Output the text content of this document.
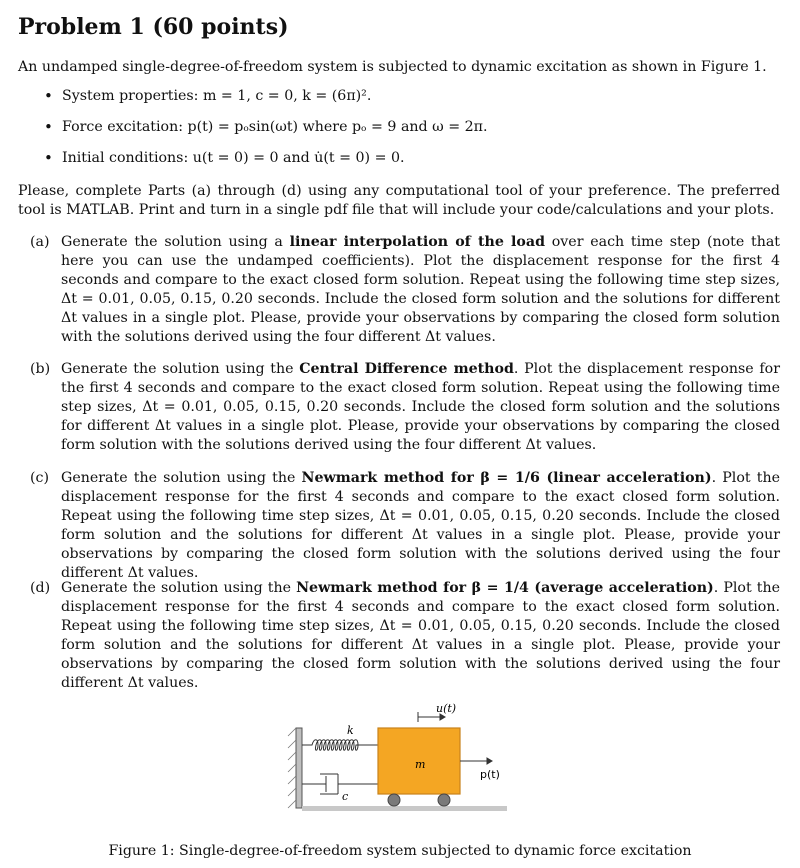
Problem 1 (60 points)

An undamped single-degree-of-freedom system is subjected to dynamic excitation as shown in Figure 1.

• System properties: m = 1, c = 0, k = (6π)².
• Force excitation: p(t) = pₒsin(ωt) where pₒ = 9 and ω = 2π.
• Initial conditions: u(t = 0) = 0 and u̇(t = 0) = 0.

Please, complete Parts (a) through (d) using any computational tool of your preference. The preferred tool is MATLAB. Print and turn in a single pdf file that will include your code/calculations and your plots.

(a) Generate the solution using a linear interpolation of the load over each time step (note that here you can use the undamped coefficients). Plot the displacement response for the first 4 seconds and compare to the exact closed form solution. Repeat using the following time step sizes, Δt = 0.01, 0.05, 0.15, 0.20 seconds. Include the closed form solution and the solutions for different Δt values in a single plot. Please, provide your observations by comparing the closed form solution with the solutions derived using the four different Δt values.
(b) Generate the solution using the Central Difference method. Plot the displacement response for the first 4 seconds and compare to the exact closed form solution. Repeat using the following time step sizes, Δt = 0.01, 0.05, 0.15, 0.20 seconds. Include the closed form solution and the solutions for different Δt values in a single plot. Please, provide your observations by comparing the closed form solution with the solutions derived using the four different Δt values.
(c) Generate the solution using the Newmark method for β = 1/6 (linear acceleration). Plot the displacement response for the first 4 seconds and compare to the exact closed form solution. Repeat using the following time step sizes, Δt = 0.01, 0.05, 0.15, 0.20 seconds. Include the closed form solution and the solutions for different Δt values in a single plot. Please, provide your observations by comparing the closed form solution with the solutions derived using the four different Δt values.
(d) Generate the solution using the Newmark method for β = 1/4 (average acceleration). Plot the displacement response for the first 4 seconds and compare to the exact closed form solution. Repeat using the following time step sizes, Δt = 0.01, 0.05, 0.15, 0.20 seconds. Include the closed form solution and the solutions for different Δt values in a single plot. Please, provide your observations by comparing the closed form solution with the solutions derived using the four different Δt values.
k
c
m
u(t)
p(t)
Figure 1: Single-degree-of-freedom system subjected to dynamic force excitation
